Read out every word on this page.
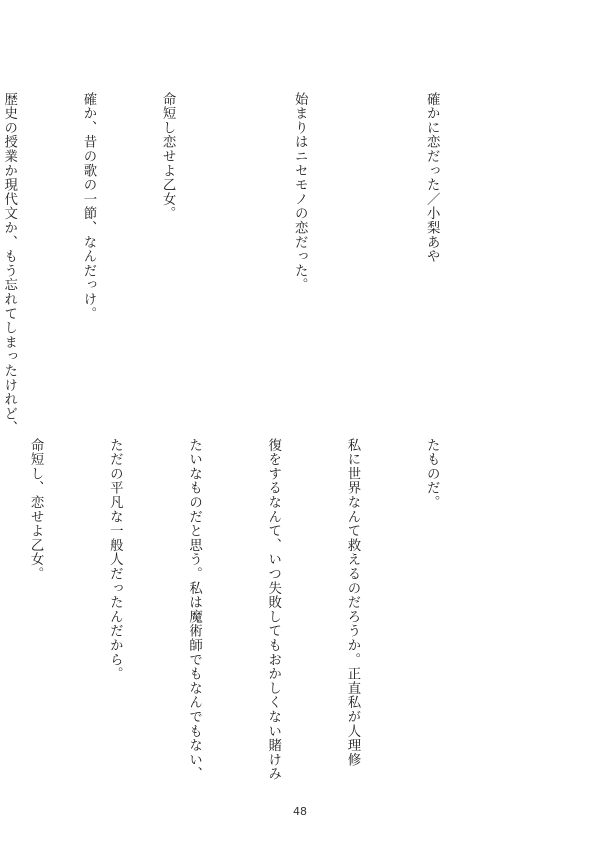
確かに恋だった／小梨あや

始まりはニセモノの恋だった。

命短し恋せよ乙女。

確か、昔の歌の一節、なんだっけ。

歴史の授業か現代文か、もう忘れてしまったけれど、

たものだ。

私に世界なんて救えるのだろうか。正直私が人理修

復をするなんて、いつ失敗してもおかしくない賭けみ

たいなものだと思う。私は魔術師でもなんでもない、

ただの平凡な一般人だったんだから。

命短し、恋せよ乙女。

48
